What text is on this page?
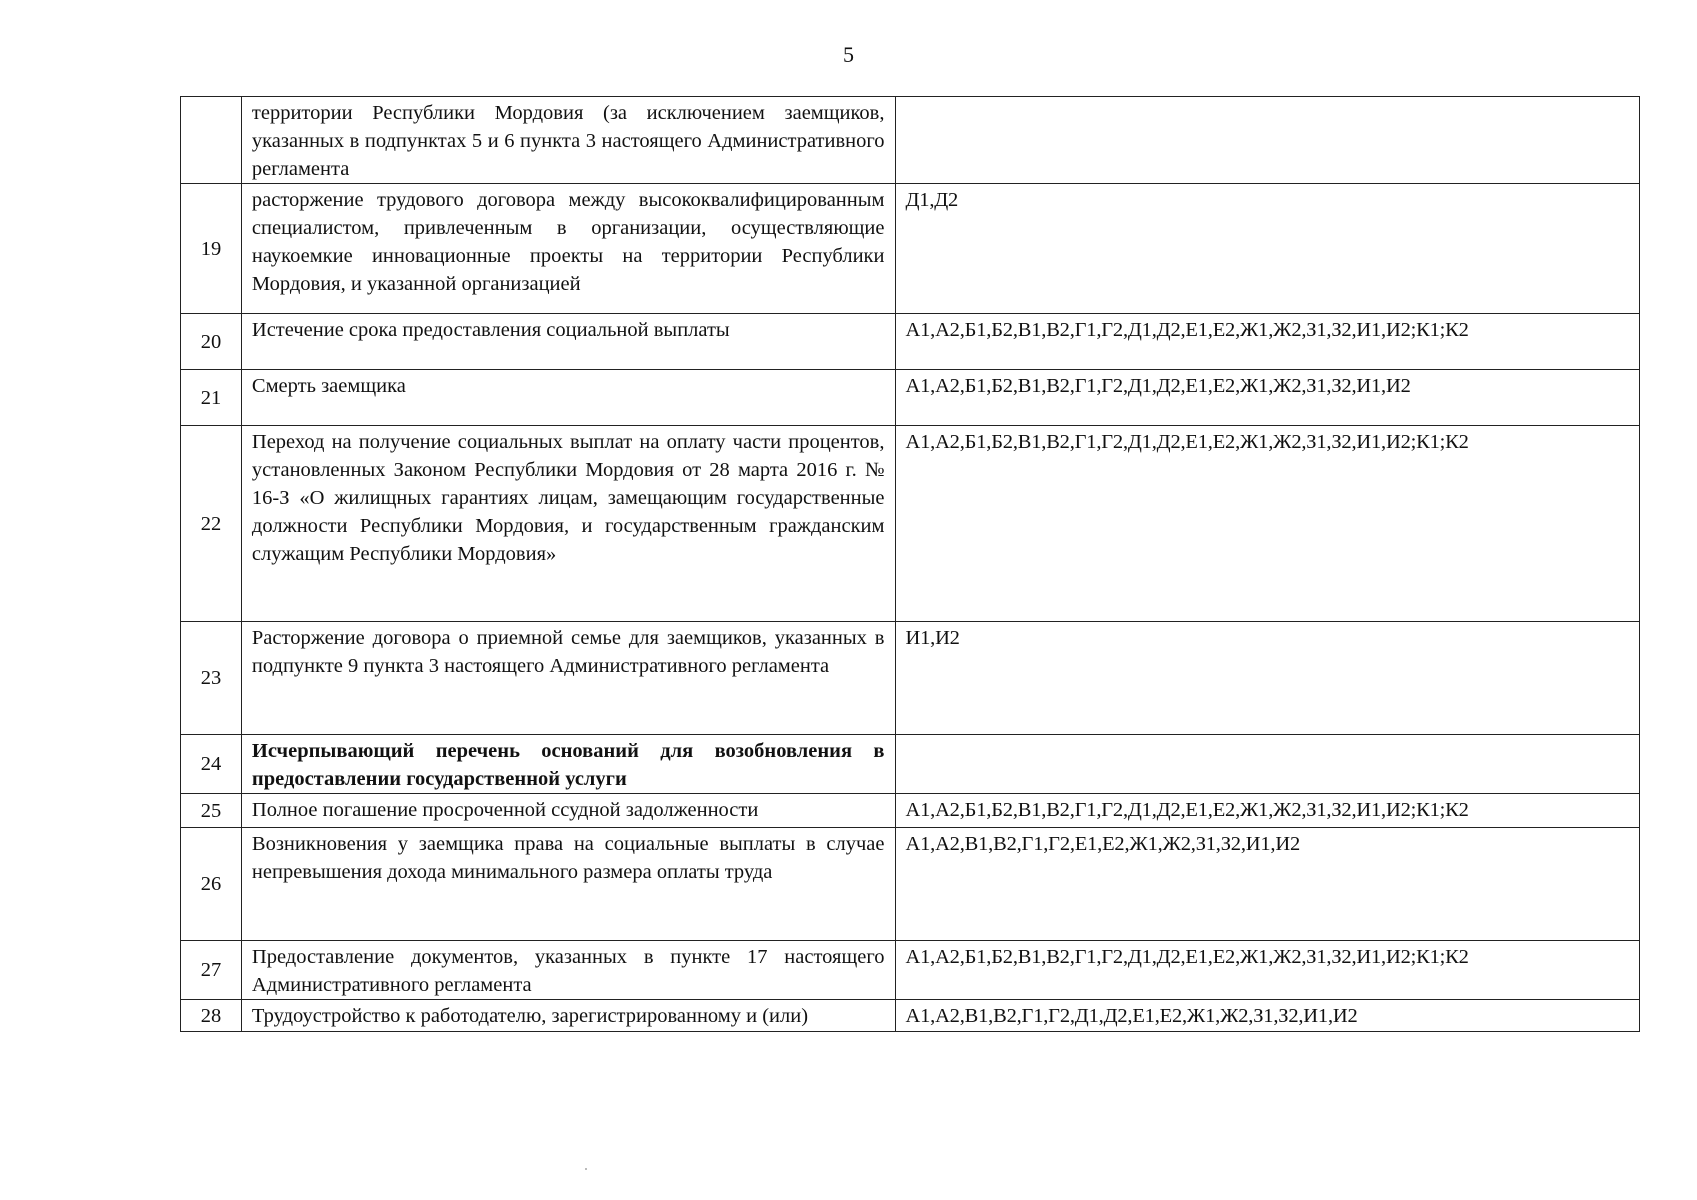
5
	территории Республики Мордовия (за исключением заемщиков, указанных в подпунктах 5 и 6 пункта 3 настоящего Административного регламента	
19	расторжение трудового договора между высококвалифицированным специалистом, привлеченным в организации, осуществляющие наукоемкие инновационные проекты на территории Республики Мордовия, и указанной организацией	Д1,Д2
20	Истечение срока предоставления социальной выплаты	А1,А2,Б1,Б2,В1,В2,Г1,Г2,Д1,Д2,Е1,Е2,Ж1,Ж2,З1,З2,И1,И2;К1;К2
21	Смерть заемщика	А1,А2,Б1,Б2,В1,В2,Г1,Г2,Д1,Д2,Е1,Е2,Ж1,Ж2,З1,З2,И1,И2
22	Переход на получение социальных выплат на оплату части процентов, установленных Законом Республики Мордовия от 28 марта 2016 г. № 16-З «О жилищных гарантиях лицам, замещающим государственные должности Республики Мордовия, и государственным гражданским служащим Республики Мордовия»	А1,А2,Б1,Б2,В1,В2,Г1,Г2,Д1,Д2,Е1,Е2,Ж1,Ж2,З1,З2,И1,И2;К1;К2
23	Расторжение договора о приемной семье для заемщиков, указанных в подпункте 9 пункта 3 настоящего Административного регламента	И1,И2
24	Исчерпывающий перечень оснований для возобновления в предоставлении государственной услуги	
25	Полное погашение просроченной ссудной задолженности	А1,А2,Б1,Б2,В1,В2,Г1,Г2,Д1,Д2,Е1,Е2,Ж1,Ж2,З1,З2,И1,И2;К1;К2
26	Возникновения у заемщика права на социальные выплаты в случае непревышения дохода минимального размера оплаты труда	А1,А2,В1,В2,Г1,Г2,Е1,Е2,Ж1,Ж2,З1,З2,И1,И2
27	Предоставление документов, указанных в пункте 17 настоящего Административного регламента	А1,А2,Б1,Б2,В1,В2,Г1,Г2,Д1,Д2,Е1,Е2,Ж1,Ж2,З1,З2,И1,И2;К1;К2
28	Трудоустройство к работодателю, зарегистрированному и (или)	А1,А2,В1,В2,Г1,Г2,Д1,Д2,Е1,Е2,Ж1,Ж2,З1,З2,И1,И2
